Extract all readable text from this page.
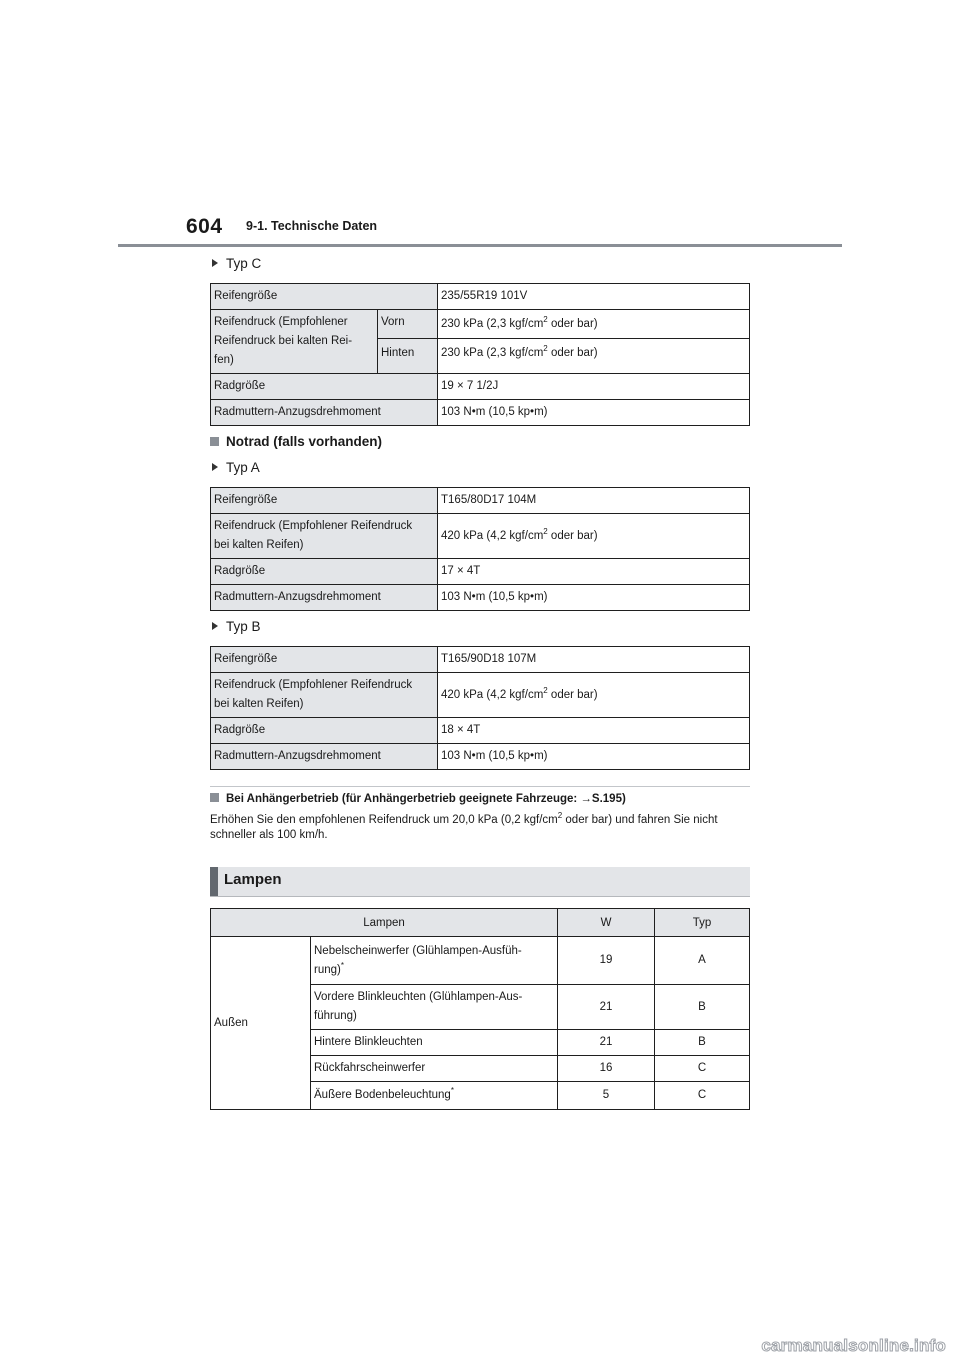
604 9-1. Technische Daten
Typ C
Reifengröße		235/55R19 101V

Reifendruck (Empfohlener
Reifendruck bei kalten Rei-
fen)	Vorn	230 kPa (2,3 kgf/$cm^2$ oder bar)
	Hinten	230 kPa (2,3 kgf/$cm^2$ oder bar)
Radgröße		19 × 7 1/2J
Radmuttern-Anzugsdrehmoment		103 N•m (10,5 kp•m)
Notrad (falls vorhanden)
Typ A
Reifengröße	T165/80D17 104M

Reifendruck (Empfohlener Reifendruck
bei kalten Reifen)	420 kPa (4,2 kgf/$cm^2$ oder bar)
Radgröße	17 × 4T
Radmuttern-Anzugsdrehmoment	103 N•m (10,5 kp•m)
Typ B
Reifengröße	T165/90D18 107M

Reifendruck (Empfohlener Reifendruck
bei kalten Reifen)	420 kPa (4,2 kgf/$cm^2$ oder bar)
Radgröße	18 × 4T
Radmuttern-Anzugsdrehmoment	103 N•m (10,5 kp•m)
Bei Anhängerbetrieb (für Anhängerbetrieb geeignete Fahrzeuge: →S.195)
Erhöhen Sie den empfohlenen Reifendruck um 20,0 kPa (0,2 kgf/$cm^2$ oder bar) und fahren Sie nicht schneller als 100 km/h.
Lampen
Lampen		W	Typ
Außen	Nebelscheinwerfer (Glühlampen-Ausfüh-
rung)*	19	A

	Vordere Blinkleuchten (Glühlampen-Aus-
führung)	21	B
	Hintere Blinkleuchten	21	B
	Rückfahrscheinwerfer	16	C
	Äußere Bodenbeleuchtung*	5	C
carmanualsonline.info
